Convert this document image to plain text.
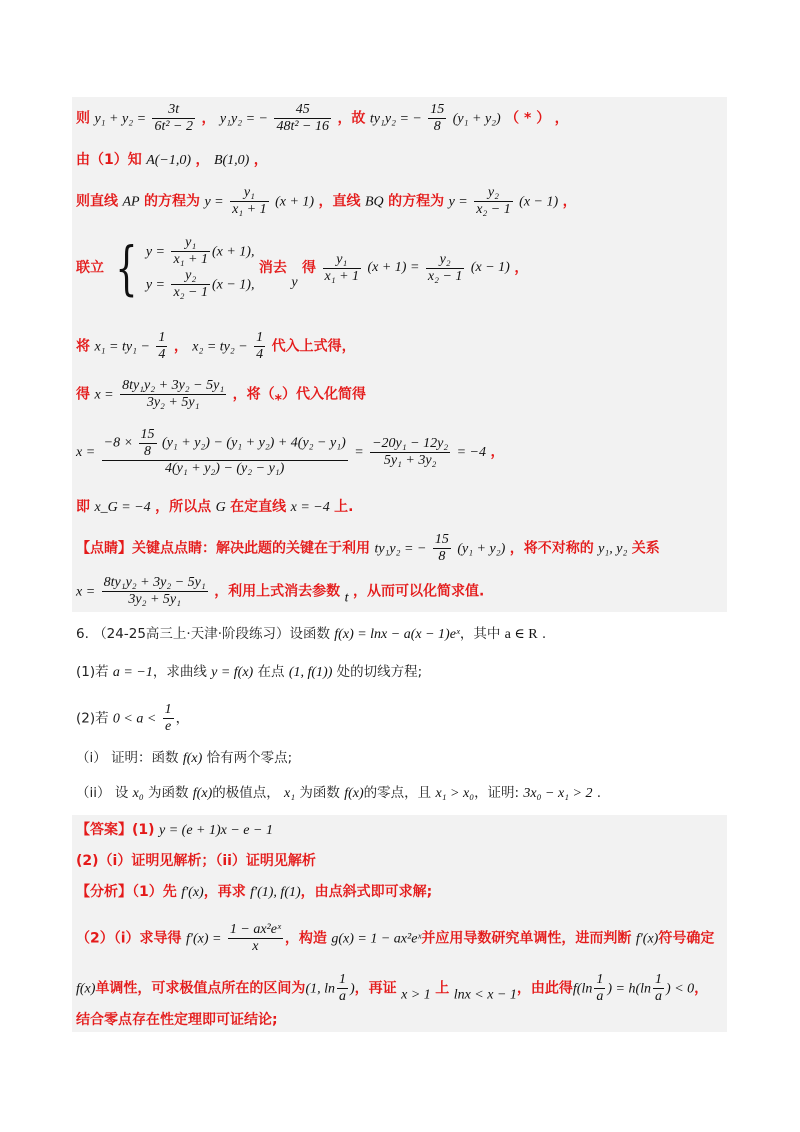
则 $y_1 + y_2 = \frac{3t}{\text{6t² − 2}}$ ， y₁y₂ = − $\frac{45}{\text{48t² − 16}}$ ，故 ty₁y₂ = − $\frac{15}{8} (y_1 + y_2)$ （ * ） ，
由（1）知 A(−1,0) ， B(1,0) ，
则直线 AP 的方程为 $y = \frac{\text{y₁}}{\text{x₁ + 1}} (x + 1)$ ，直线 BQ 的方程为 $y = \frac{\text{y₂}}{\text{x₂ − 1}} (x - 1)$ ，
联立 { $y = \frac{\text{y₁}}{\text{x₁ + 1}} (x + 1)$,
$y = \frac{\text{y₂}}{\text{x₂ − 1}} (x - 1)$,
消去 y 得 $\frac{\text{y₁}}{\text{x₁ + 1}} (x + 1) = \frac{\text{y₂}}{\text{x₂ − 1}} (x - 1)$ ，
将 $x_1 = ty_1 - \frac{1}{4}$ ， $x_2 = ty_2 - \frac{1}{4}$ 代入上式得，
得 $x = \frac{\text{8ty₁y₂ + 3y₂ − 5y₁}}{\text{3y₂ + 5y₁}}$ ，将（*）代入化简得
$x = \frac{-8 \times \frac{15}{8} (y_1 + y_2) - (y_1 + y_2) + 4(y_2 - y_1)}{\text{4(y₁ + y₂) − (y₂ − y₁)}} = \frac{\text{−20y₁ − 12y₂}}{\text{5y₁ + 3y₂}} = -4$ ，
即 x_G = −4 ，所以点 G 在定直线 x = −4 上.
【点睛】关键点点睛：解决此题的关键在于利用 ty₁y₂ = − $\frac{15}{8} (y_1 + y_2)$ ，将不对称的 y₁, y₂ 关系
$x = \frac{\text{8ty₁y₂ + 3y₂ − 5y₁}}{\text{3y₂ + 5y₁}}$ ，利用上式消去参数 t ，从而可以化简求值.
6. （24-25高三上·天津·阶段练习）设函数 f(x) = lnx − a(x − 1)eˣ，其中 a ∈ R .
(1)若 a = −1，求曲线 y = f(x) 在点 (1, f(1)) 处的切线方程;
(2)若 $0 < a < \frac{1}{e}$ ，
（i） 证明：函数 f(x) 恰有两个零点;
（ii） 设 x₀ 为函数 f(x)的极值点， x₁ 为函数 f(x)的零点，且 x₁ > x₀，证明: 3x₀ − x₁ > 2 .
【答案】(1) y = (e + 1)x − e − 1
(2)（i）证明见解析；（ii）证明见解析
【分析】（1）先 f′(x)，再求 f′(1), f(1)，由点斜式即可求解;
（2）（i）求导得 $f'(x) = \frac{\text{1 − ax²eˣ}}{x}$ ，构造 g(x) = 1 − ax²eˣ并应用导数研究单调性，进而判断 f′(x)符号确定
f(x)单调性，可求极值点所在的区间为(1, $\ln \frac{1}{a}$ )，再证 x > 1 上 lnx < x − 1，由此得$f(\ln \frac{1}{a}$ ) = $h(\ln \frac{1}{a}$ ) < 0，
结合零点存在性定理即可证结论;
